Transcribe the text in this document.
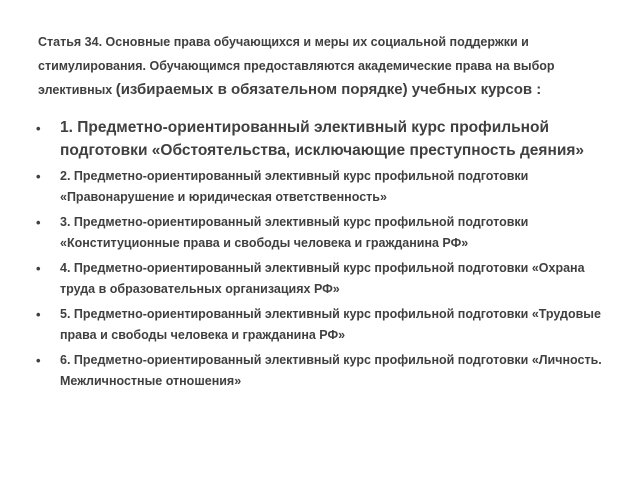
Статья 34. Основные права обучающихся и меры их социальной поддержки и стимулирования. Обучающимся предоставляются академические права на выбор элективных (избираемых в обязательном порядке) учебных курсов :
• 1. Предметно-ориентированный элективный курс профильной подготовки «Обстоятельства, исключающие преступность деяния»
• 2. Предметно-ориентированный элективный курс профильной подготовки «Правонарушение и юридическая ответственность»
• 3. Предметно-ориентированный элективный курс профильной подготовки «Конституционные права и свободы человека и гражданина РФ»
• 4. Предметно-ориентированный элективный курс профильной подготовки «Охрана труда в образовательных организациях РФ»
• 5. Предметно-ориентированный элективный курс профильной подготовки «Трудовые права и свободы человека и гражданина РФ»
• 6. Предметно-ориентированный элективный курс профильной подготовки «Личность. Межличностные отношения»
